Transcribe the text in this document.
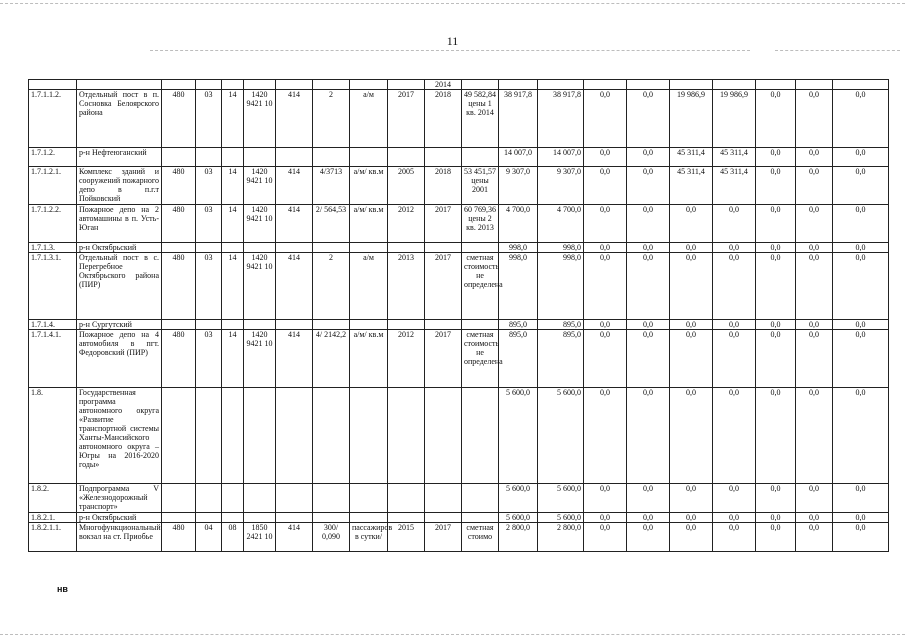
11
										2014										
1.7.1.1.2.	Отдельный пост в п. Сосновка Белоярского района	480	03	14	1420 9421 10	414	2	а/м	2017	2018	49 582,84 цены 1 кв. 2014	38 917,8	38 917,8	0,0	0,0	19 986,9	19 986,9	0,0	0,0	0,0
1.7.1.2.	р-н Нефтеюганский											14 007,0	14 007,0	0,0	0,0	45 311,4	45 311,4	0,0	0,0	0,0
1.7.1.2.1.	Комплекс зданий и сооружений пожарного депо в п.г.т Пойковский	480	03	14	1420 9421 10	414	4/3713	а/м/ кв.м	2005	2018	53 451,57 цены 2001	9 307,0	9 307,0	0,0	0,0	45 311,4	45 311,4	0,0	0,0	0,0
1.7.1.2.2.	Пожарное депо на 2 автомашины в п. Усть-Юган	480	03	14	1420 9421 10	414	2/ 564,53	а/м/ кв.м	2012	2017	60 769,36 цены 2 кв. 2013	4 700,0	4 700,0	0,0	0,0	0,0	0,0	0,0	0,0	0,0
1.7.1.3.	р-н Октябрьский											998,0	998,0	0,0	0,0	0,0	0,0	0,0	0,0	0,0
1.7.1.3.1.	Отдельный пост в с. Перегребное Октябрьского района (ПИР)	480	03	14	1420 9421 10	414	2	а/м	2013	2017	сметная стоимость не определена	998,0	998,0	0,0	0,0	0,0	0,0	0,0	0,0	0,0
1.7.1.4.	р-н Сургутский											895,0	895,0	0,0	0,0	0,0	0,0	0,0	0,0	0,0
1.7.1.4.1.	Пожарное депо на 4 автомобиля в пгт. Федоровский (ПИР)	480	03	14	1420 9421 10	414	4/ 2142,2	а/м/ кв.м	2012	2017	сметная стоимость не определена	895,0	895,0	0,0	0,0	0,0	0,0	0,0	0,0	0,0
1.8.	Государственная программа автономного округа «Развитие транспортной системы Ханты-Мансийского автономного округа – Югры на 2016-2020 годы»											5 600,0	5 600,0	0,0	0,0	0,0	0,0	0,0	0,0	0,0
1.8.2.	Подпрограмма V «Железнодорожный транспорт»											5 600,0	5 600,0	0,0	0,0	0,0	0,0	0,0	0,0	0,0
1.8.2.1.	р-н Октябрьский											5 600,0	5 600,0	0,0	0,0	0,0	0,0	0,0	0,0	0,0
1.8.2.1.1.	Многофункциональный вокзал на ст. Приобье	480	04	08	1850 2421 10	414	300/ 0,090	пассажиров в сутки/	2015	2017	сметная стоимо	2 800,0	2 800,0	0,0	0,0	0,0	0,0	0,0	0,0	0,0
нв
